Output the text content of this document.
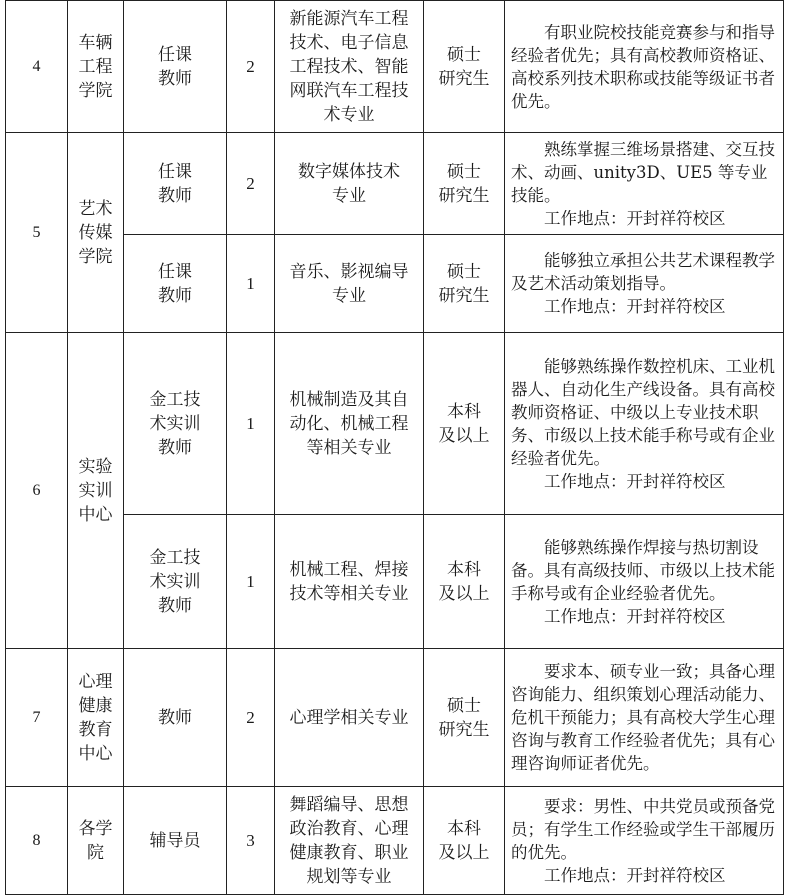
4	车辆
工程
学院	任课
教师	2	新能源汽车工程
技术、电子信息
工程技术、智能
网联汽车工程技
术专业	硕士
研究生	有职业院校技能竞赛参与和指导经验者优先；具有高校教师资格证、高校系列技术职称或技能等级证书者优先。

5	艺术
传媒
学院	任课
教师	2	数字媒体技术
专业	硕士
研究生	熟练掌握三维场景搭建、交互技术、动画、unity3D、UE5 等专业技能。
工作地点：开封祥符校区

		任课
教师	1	音乐、影视编导
专业	硕士
研究生	能够独立承担公共艺术课程教学及艺术活动策划指导。
工作地点：开封祥符校区

6	实验
实训
中心	金工技
术实训
教师	1	机械制造及其自
动化、机械工程
等相关专业	本科
及以上	能够熟练操作数控机床、工业机器人、自动化生产线设备。具有高校教师资格证、中级以上专业技术职务、市级以上技术能手称号或有企业经验者优先。
工作地点：开封祥符校区

		金工技
术实训
教师	1	机械工程、焊接
技术等相关专业	本科
及以上	能够熟练操作焊接与热切割设备。具有高级技师、市级以上技术能手称号或有企业经验者优先。
工作地点：开封祥符校区

7	心理
健康
教育
中心	教师	2	心理学相关专业	硕士
研究生	要求本、硕专业一致；具备心理咨询能力、组织策划心理活动能力、危机干预能力；具有高校大学生心理咨询与教育工作经验者优先；具有心理咨询师证者优先。

8	各学
院	辅导员	3	舞蹈编导、思想
政治教育、心理
健康教育、职业
规划等专业	本科
及以上	要求：男性、中共党员或预备党员；有学生工作经验或学生干部履历的优先。
工作地点：开封祥符校区
